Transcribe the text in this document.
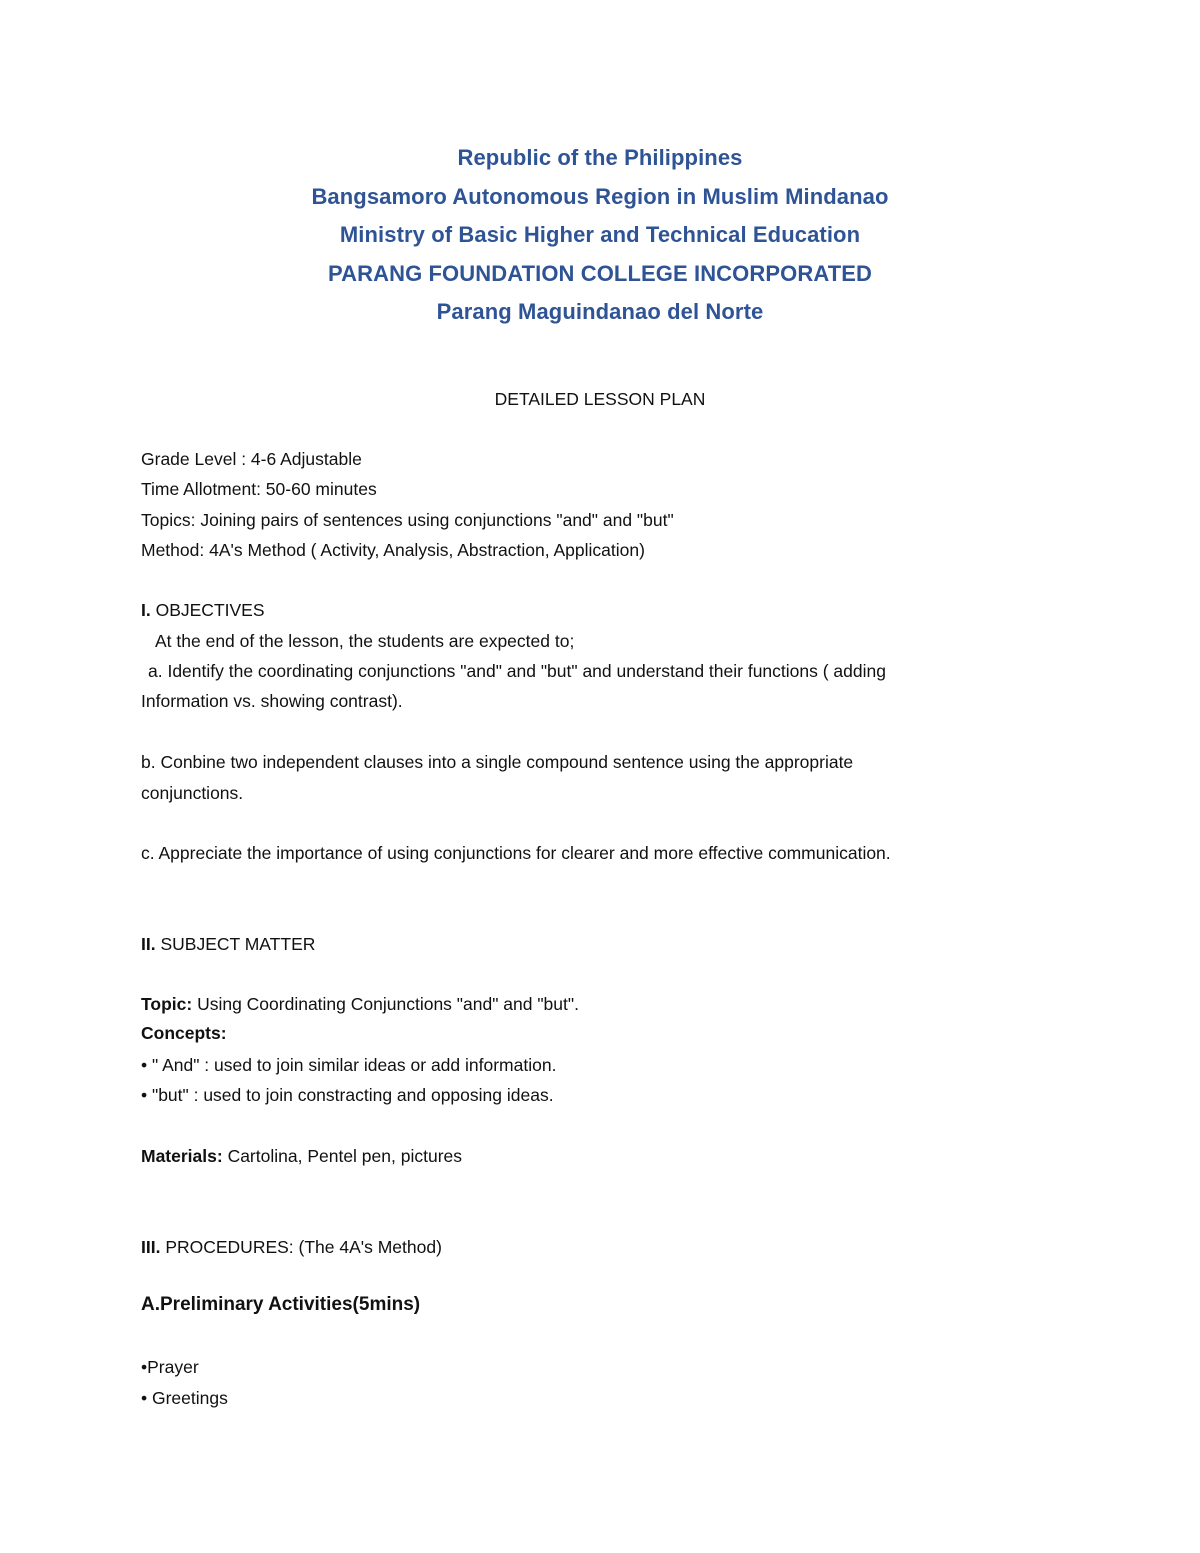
Republic of the Philippines
Bangsamoro Autonomous Region in Muslim Mindanao
Ministry of Basic Higher and Technical Education
PARANG FOUNDATION COLLEGE INCORPORATED
Parang Maguindanao del Norte
DETAILED LESSON PLAN
Grade Level : 4-6 Adjustable
Time Allotment: 50-60 minutes
Topics: Joining pairs of sentences using conjunctions "and" and "but"
Method: 4A's Method ( Activity, Analysis, Abstraction, Application)
I. OBJECTIVES
At the end of the lesson, the students are expected to;
a. Identify the coordinating conjunctions "and" and "but" and understand their functions ( adding
Information vs. showing contrast).
b. Conbine two independent clauses into a single compound sentence using the appropriate
conjunctions.
c. Appreciate the importance of using conjunctions for clearer and more effective communication.
II. SUBJECT MATTER
Topic: Using Coordinating Conjunctions "and" and "but".
Concepts:
• " And" : used to join similar ideas or add information.
• "but" : used to join constracting and opposing ideas.
Materials: Cartolina, Pentel pen, pictures
III. PROCEDURES: (The 4A's Method)
A.Preliminary Activities(5mins)
•Prayer
• Greetings
